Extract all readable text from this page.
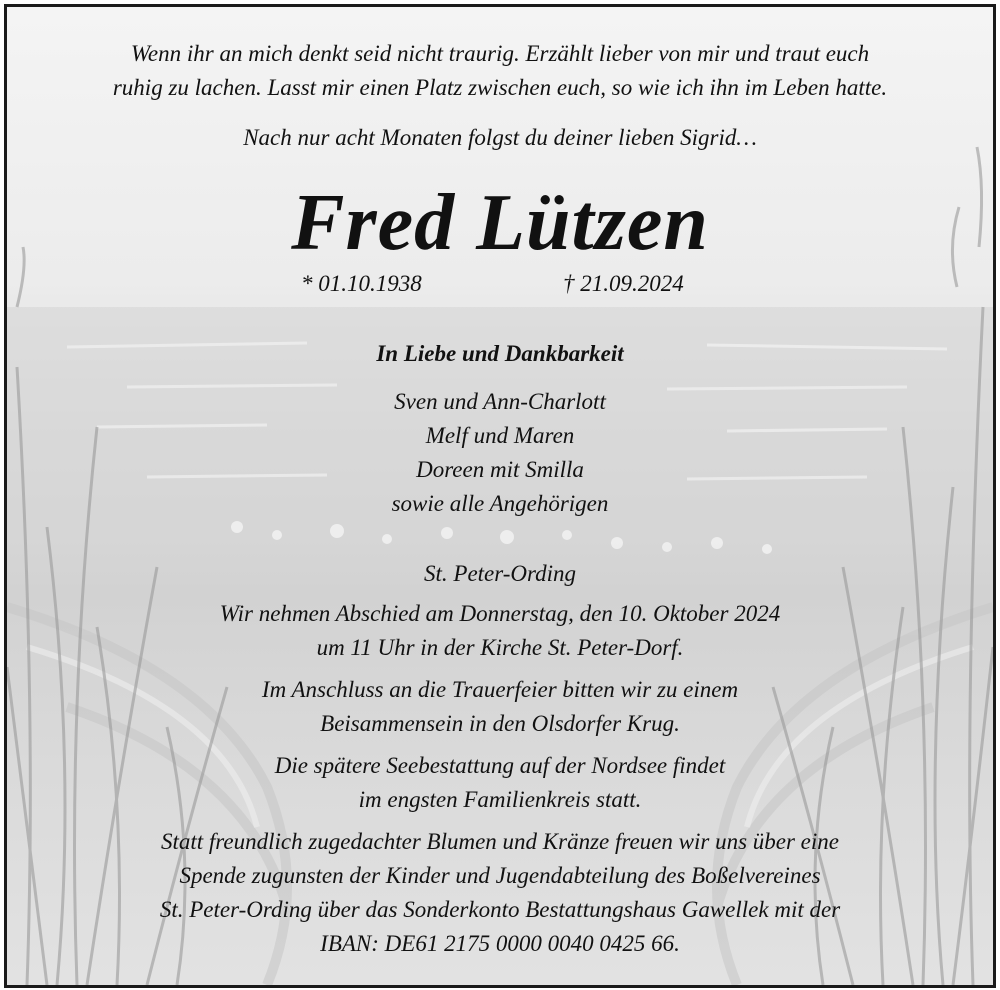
Wenn ihr an mich denkt seid nicht traurig. Erzählt lieber von mir und traut euch
ruhig zu lachen. Lasst mir einen Platz zwischen euch, so wie ich ihn im Leben hatte.
Nach nur acht Monaten folgst du deiner lieben Sigrid…
Fred Lützen
* 01.10.1938	† 21.09.2024
In Liebe und Dankbarkeit
Sven und Ann-Charlott
Melf und Maren
Doreen mit Smilla
sowie alle Angehörigen
St. Peter-Ording
Wir nehmen Abschied am Donnerstag, den 10. Oktober 2024
um 11 Uhr in der Kirche St. Peter-Dorf.
Im Anschluss an die Trauerfeier bitten wir zu einem
Beisammensein in den Olsdorfer Krug.
Die spätere Seebestattung auf der Nordsee findet
im engsten Familienkreis statt.
Statt freundlich zugedachter Blumen und Kränze freuen wir uns über eine
Spende zugunsten der Kinder und Jugendabteilung des Boßelvereines
St. Peter-Ording über das Sonderkonto Bestattungshaus Gawellek mit der
IBAN: DE61 2175 0000 0040 0425 66.
